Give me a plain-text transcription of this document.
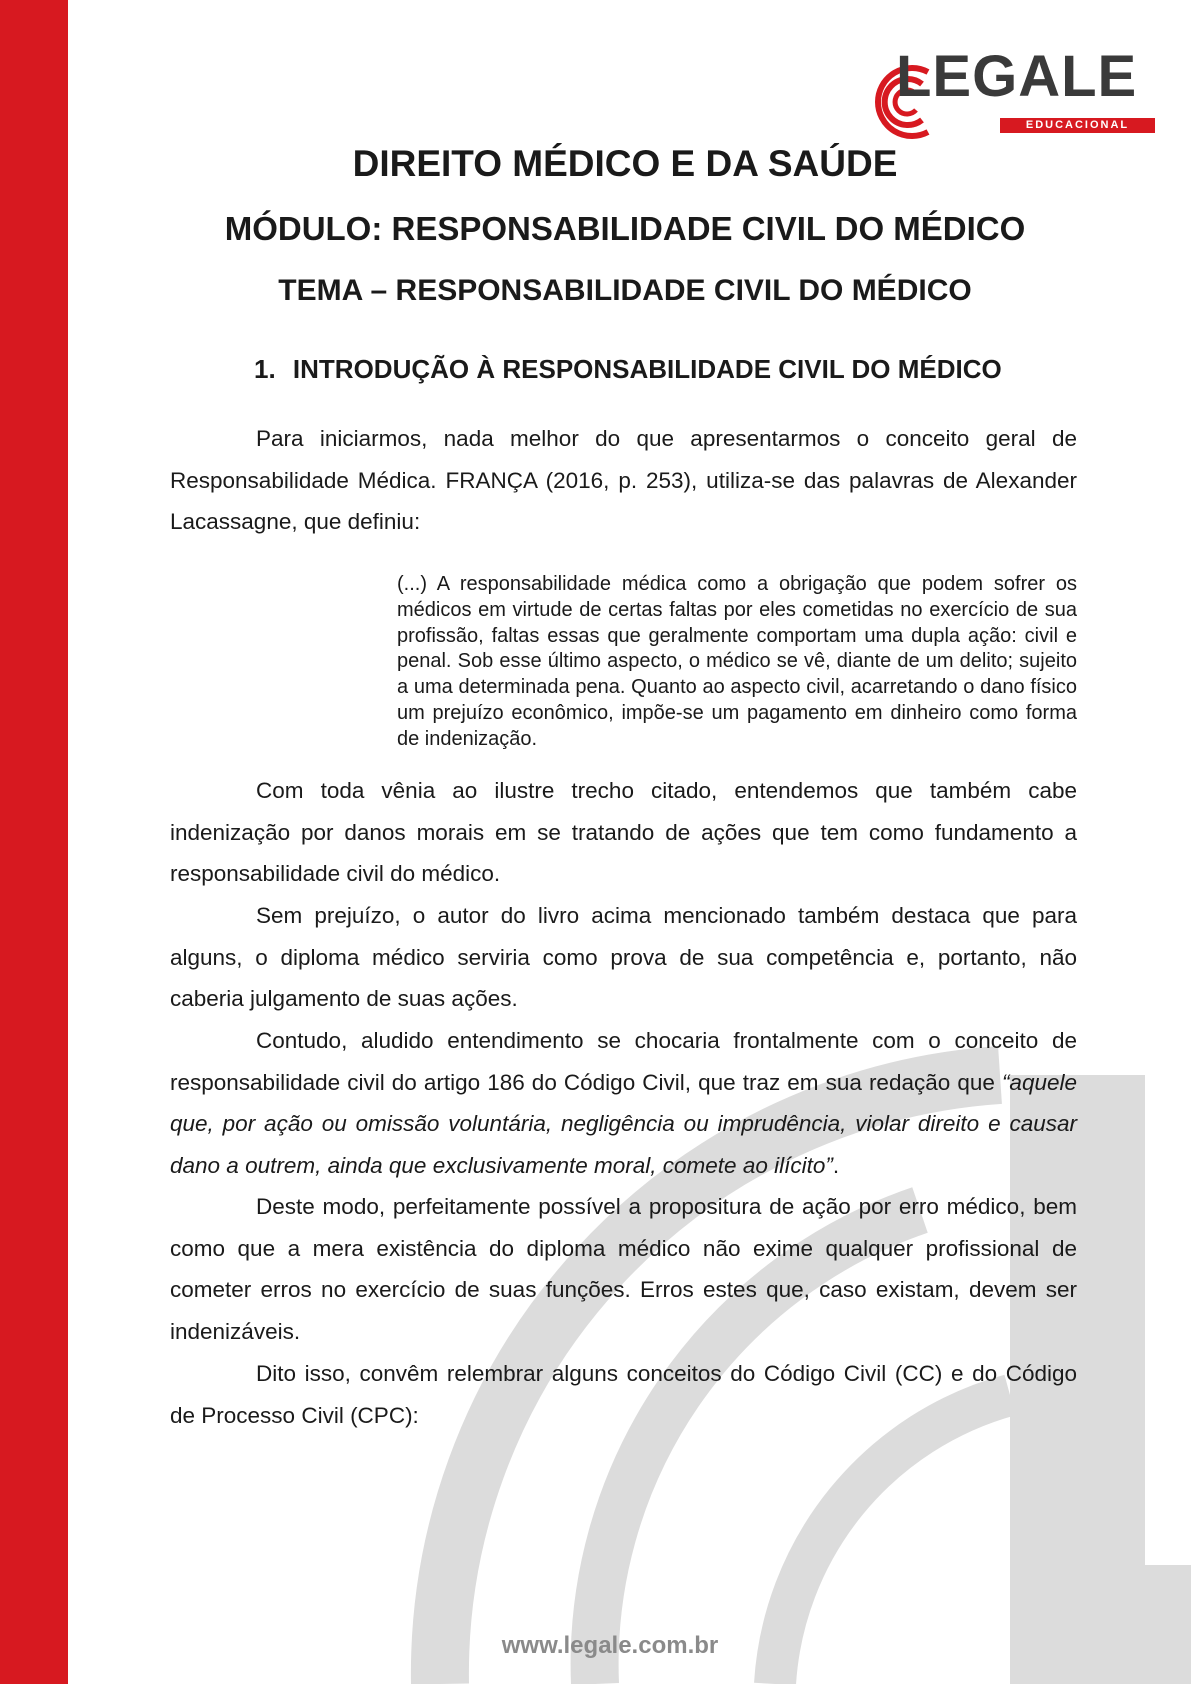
LEGALE
EDUCACIONAL
DIREITO MÉDICO E DA SAÚDE
MÓDULO: RESPONSABILIDADE CIVIL DO MÉDICO
TEMA – RESPONSABILIDADE CIVIL DO MÉDICO
1. INTRODUÇÃO À RESPONSABILIDADE CIVIL DO MÉDICO

Para iniciarmos, nada melhor do que apresentarmos o conceito geral de Responsabilidade Médica. FRANÇA (2016, p. 253), utiliza-se das palavras de Alexander Lacassagne, que definiu:

(...) A responsabilidade médica como a obrigação que podem sofrer os médicos em virtude de certas faltas por eles cometidas no exercício de sua profissão, faltas essas que geralmente comportam uma dupla ação: civil e penal. Sob esse último aspecto, o médico se vê, diante de um delito; sujeito a uma determinada pena. Quanto ao aspecto civil, acarretando o dano físico um prejuízo econômico, impõe-se um pagamento em dinheiro como forma de indenização.

Com toda vênia ao ilustre trecho citado, entendemos que também cabe indenização por danos morais em se tratando de ações que tem como fundamento a responsabilidade civil do médico.

Sem prejuízo, o autor do livro acima mencionado também destaca que para alguns, o diploma médico serviria como prova de sua competência e, portanto, não caberia julgamento de suas ações.

Contudo, aludido entendimento se chocaria frontalmente com o conceito de responsabilidade civil do artigo 186 do Código Civil, que traz em sua redação que “aquele que, por ação ou omissão voluntária, negligência ou imprudência, violar direito e causar dano a outrem, ainda que exclusivamente moral, comete ao ilícito”.

Deste modo, perfeitamente possível a propositura de ação por erro médico, bem como que a mera existência do diploma médico não exime qualquer profissional de cometer erros no exercício de suas funções. Erros estes que, caso existam, devem ser indenizáveis.

Dito isso, convêm relembrar alguns conceitos do Código Civil (CC) e do Código de Processo Civil (CPC):

www.legale.com.br
